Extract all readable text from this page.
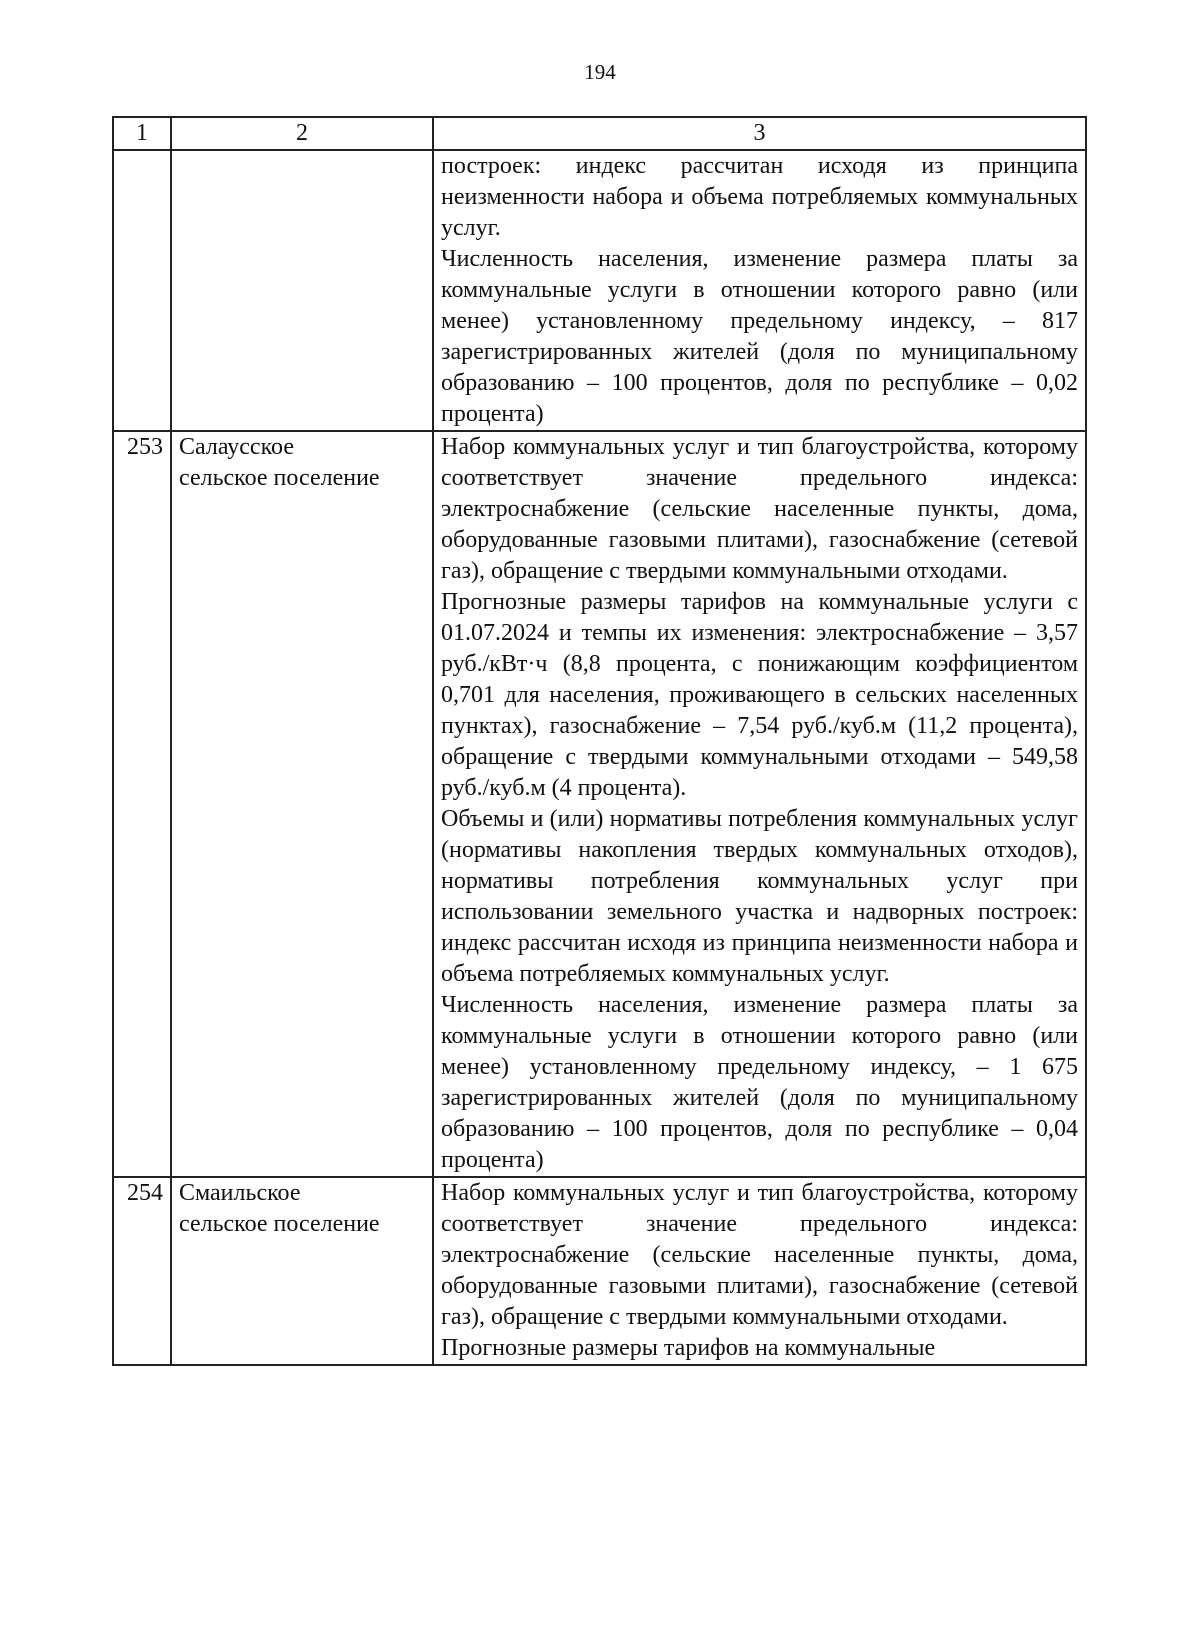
194
1	2	3

		построек: индекс рассчитан исходя из принципа неизменности набора и объема потребляемых коммунальных услуг.
Численность населения, изменение размера платы за коммунальные услуги в отношении которого равно (или менее) установленному предельному индексу, – 817 зарегистрированных жителей (доля по муниципальному образованию – 100 процентов, доля по республике – 0,02 процента)

253	Салаусское
сельское поселение	Набор коммунальных услуг и тип благоустройства, которому соответствует значение предельного индекса: электроснабжение (сельские населенные пункты, дома, оборудованные газовыми плитами), газоснабжение (сетевой газ), обращение с твердыми коммунальными отходами.
Прогнозные размеры тарифов на коммунальные услуги с 01.07.2024 и темпы их изменения: электроснабжение – 3,57 руб./кВт·ч (8,8 процента, с понижающим коэффициентом 0,701 для населения, проживающего в сельских населенных пунктах), газоснабжение – 7,54 руб./куб.м (11,2 процента), обращение с твердыми коммунальными отходами – 549,58 руб./куб.м (4 процента).
Объемы и (или) нормативы потребления коммунальных услуг (нормативы накопления твердых коммунальных отходов), нормативы потребления коммунальных услуг при использовании земельного участка и надворных построек: индекс рассчитан исходя из принципа неизменности набора и объема потребляемых коммунальных услуг.
Численность населения, изменение размера платы за коммунальные услуги в отношении которого равно (или менее) установленному предельному индексу, – 1 675 зарегистрированных жителей (доля по муниципальному образованию – 100 процентов, доля по республике – 0,04 процента)

254	Смаильское
сельское поселение	Набор коммунальных услуг и тип благоустройства, которому соответствует значение предельного индекса: электроснабжение (сельские населенные пункты, дома, оборудованные газовыми плитами), газоснабжение (сетевой газ), обращение с твердыми коммунальными отходами.
Прогнозные размеры тарифов на коммунальные
